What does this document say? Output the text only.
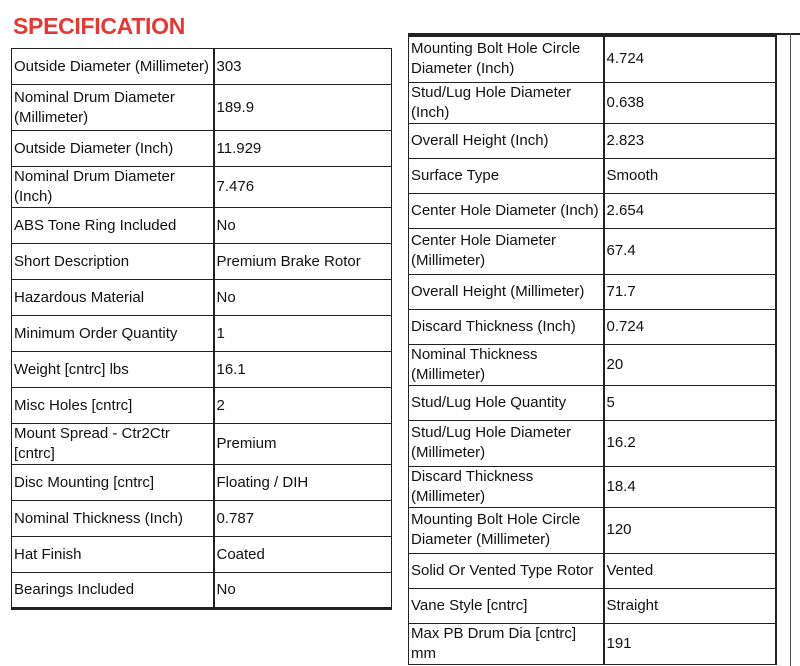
SPECIFICATION
Outside Diameter (Millimeter)	303
Nominal Drum Diameter (Millimeter)	189.9
Outside Diameter (Inch)	11.929
Nominal Drum Diameter (Inch)	7.476
ABS Tone Ring Included	No
Short Description	Premium Brake Rotor
Hazardous Material	No
Minimum Order Quantity	1
Weight [cntrc] lbs	16.1
Misc Holes [cntrc]	2
Mount Spread - Ctr2Ctr [cntrc]	Premium
Disc Mounting [cntrc]	Floating / DIH
Nominal Thickness (Inch)	0.787
Hat Finish	Coated
Bearings Included	No
Mounting Bolt Hole Circle Diameter (Inch)	4.724
Stud/Lug Hole Diameter (Inch)	0.638
Overall Height (Inch)	2.823
Surface Type	Smooth
Center Hole Diameter (Inch)	2.654
Center Hole Diameter (Millimeter)	67.4
Overall Height (Millimeter)	71.7
Discard Thickness (Inch)	0.724
Nominal Thickness (Millimeter)	20
Stud/Lug Hole Quantity	5
Stud/Lug Hole Diameter (Millimeter)	16.2
Discard Thickness (Millimeter)	18.4
Mounting Bolt Hole Circle Diameter (Millimeter)	120
Solid Or Vented Type Rotor	Vented
Vane Style [cntrc]	Straight
Max PB Drum Dia [cntrc] mm	191
